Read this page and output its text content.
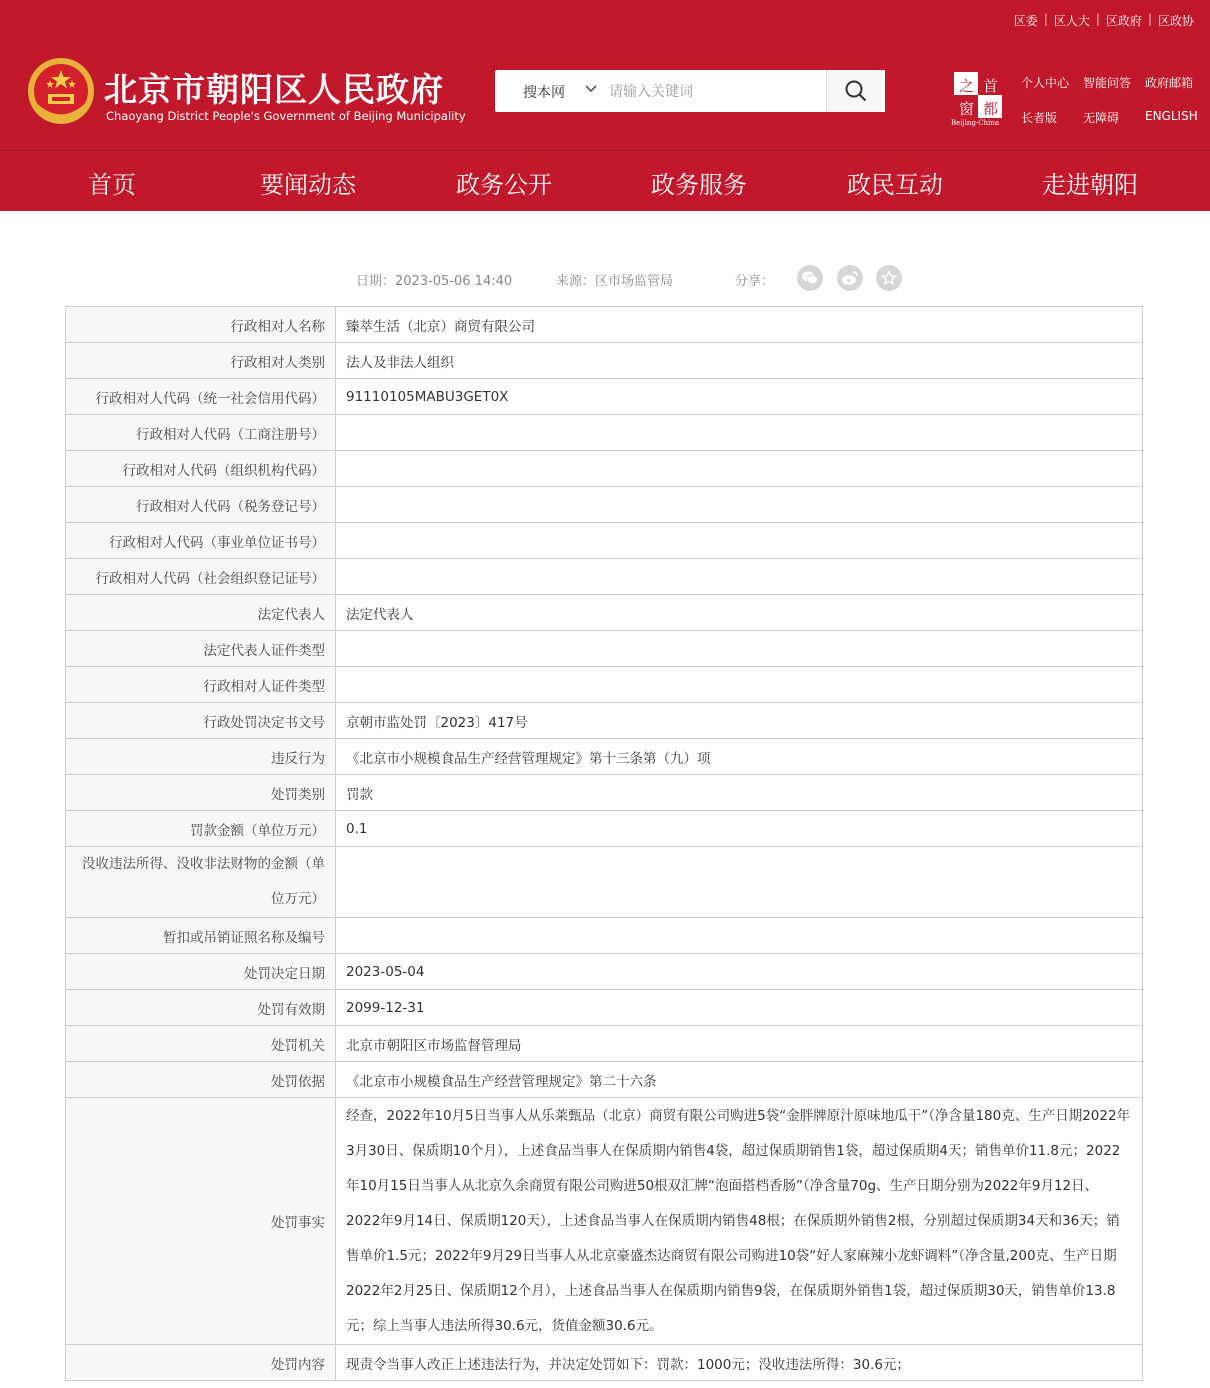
区委 | 区人大 | 区政府 | 区政协
北京市朝阳区人民政府
Chaoyang District People's Government of Beijing Municipality
搜本网
请输入关键词	之 首
窗 都
Beijing-China
个人中心 智能问答 政府邮箱
长者版 无障碍 ENGLISH
首页	要闻动态	政务公开	政务服务	政民互动	走进朝阳
日期：2023-05-06 14:40	来源：区市场监管局	分享：
行政相对人名称	臻萃生活（北京）商贸有限公司
行政相对人类别	法人及非法人组织
行政相对人代码（统一社会信用代码）	91110105MABU3GET0X
行政相对人代码（工商注册号）	
行政相对人代码（组织机构代码）	
行政相对人代码（税务登记号）	
行政相对人代码（事业单位证书号）	
行政相对人代码（社会组织登记证号）	
法定代表人	法定代表人
法定代表人证件类型	
行政相对人证件类型	
行政处罚决定书文号	京朝市监处罚〔2023〕417号
违反行为	《北京市小规模食品生产经营管理规定》第十三条第（九）项
处罚类别	罚款
罚款金额（单位万元）	0.1
没收违法所得、没收非法财物的金额（单位万元）	
暂扣或吊销证照名称及编号	
处罚决定日期	2023-05-04
处罚有效期	2099-12-31
处罚机关	北京市朝阳区市场监督管理局
处罚依据	《北京市小规模食品生产经营管理规定》第二十六条
处罚事实	经查，2022年10月5日当事人从乐莱甄品（北京）商贸有限公司购进5袋“金胖牌原汁原味地瓜干”（净含量180克、生产日期2022年3月30日、保质期10个月），上述食品当事人在保质期内销售4袋，超过保质期销售1袋，超过保质期4天；销售单价11.8元；2022年10月15日当事人从北京久余商贸有限公司购进50根双汇牌“泡面搭档香肠”（净含量70g、生产日期分别为2022年9月12日、2022年9月14日、保质期120天），上述食品当事人在保质期内销售48根；在保质期外销售2根，分别超过保质期34天和36天；销售单价1.5元；2022年9月29日当事人从北京豪盛杰达商贸有限公司购进10袋“好人家麻辣小龙虾调料”（净含量,200克、生产日期2022年2月25日、保质期12个月），上述食品当事人在保质期内销售9袋，在保质期外销售1袋，超过保质期30天，销售单价13.8元；综上当事人违法所得30.6元，货值金额30.6元。
处罚内容	现责令当事人改正上述违法行为，并决定处罚如下：罚款：1000元；没收违法所得：30.6元；
